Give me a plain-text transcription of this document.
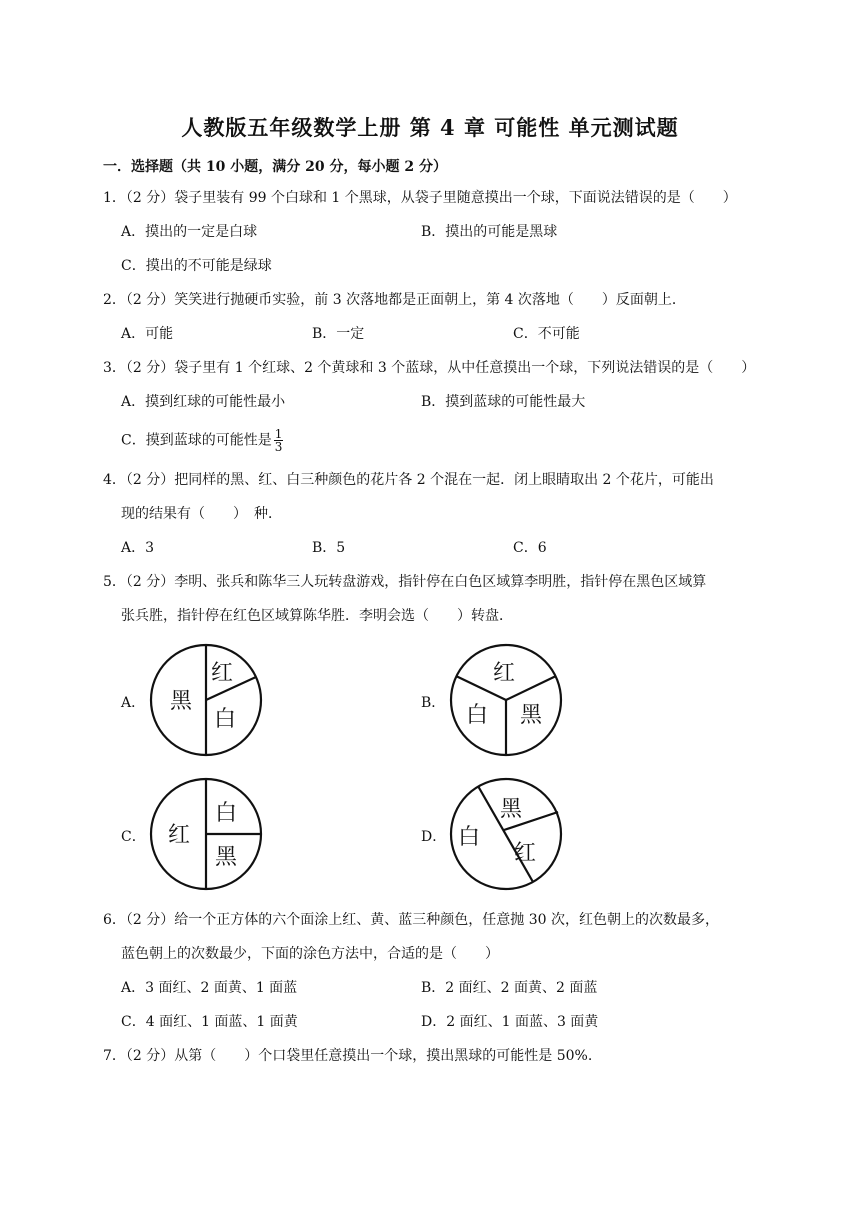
人教版五年级数学上册 第 4 章 可能性 单元测试题
一．选择题（共 10 小题，满分 20 分，每小题 2 分）
1．（2 分）袋子里装有 99 个白球和 1 个黑球，从袋子里随意摸出一个球，下面说法错误的是（　　）
A．摸出的一定是白球	B．摸出的可能是黑球
C．摸出的不可能是绿球
2．（2 分）笑笑进行抛硬币实验，前 3 次落地都是正面朝上，第 4 次落地（　　）反面朝上．
A．可能	B．一定	C．不可能
3．（2 分）袋子里有 1 个红球、2 个黄球和 3 个蓝球，从中任意摸出一个球，下列说法错误的是（　　）
A．摸到红球的可能性最小	B．摸到蓝球的可能性最大
C．摸到蓝球的可能性是 $\frac{1}{3}$
4．（2 分）把同样的黑、红、白三种颜色的花片各 2 个混在一起．闭上眼睛取出 2 个花片，可能出
现的结果有（　　）　种．
A．3	B．5	C．6
5．（2 分）李明、张兵和陈华三人玩转盘游戏，指针停在白色区域算李明胜，指针停在黑色区域算
张兵胜，指针停在红色区域算陈华胜．李明会选（　　）转盘．
A．	B．
C．	D．
红
黑
白
红
白 黑
白
红
黑
黑
白
红
6．（2 分）给一个正方体的六个面涂上红、黄、蓝三种颜色，任意抛 30 次，红色朝上的次数最多，
蓝色朝上的次数最少，下面的涂色方法中，合适的是（　　）
A．3 面红、2 面黄、1 面蓝	B．2 面红、2 面黄、2 面蓝
C．4 面红、1 面蓝、1 面黄	D．2 面红、1 面蓝、3 面黄
7．（2 分）从第（　　）个口袋里任意摸出一个球，摸出黑球的可能性是 50%.
